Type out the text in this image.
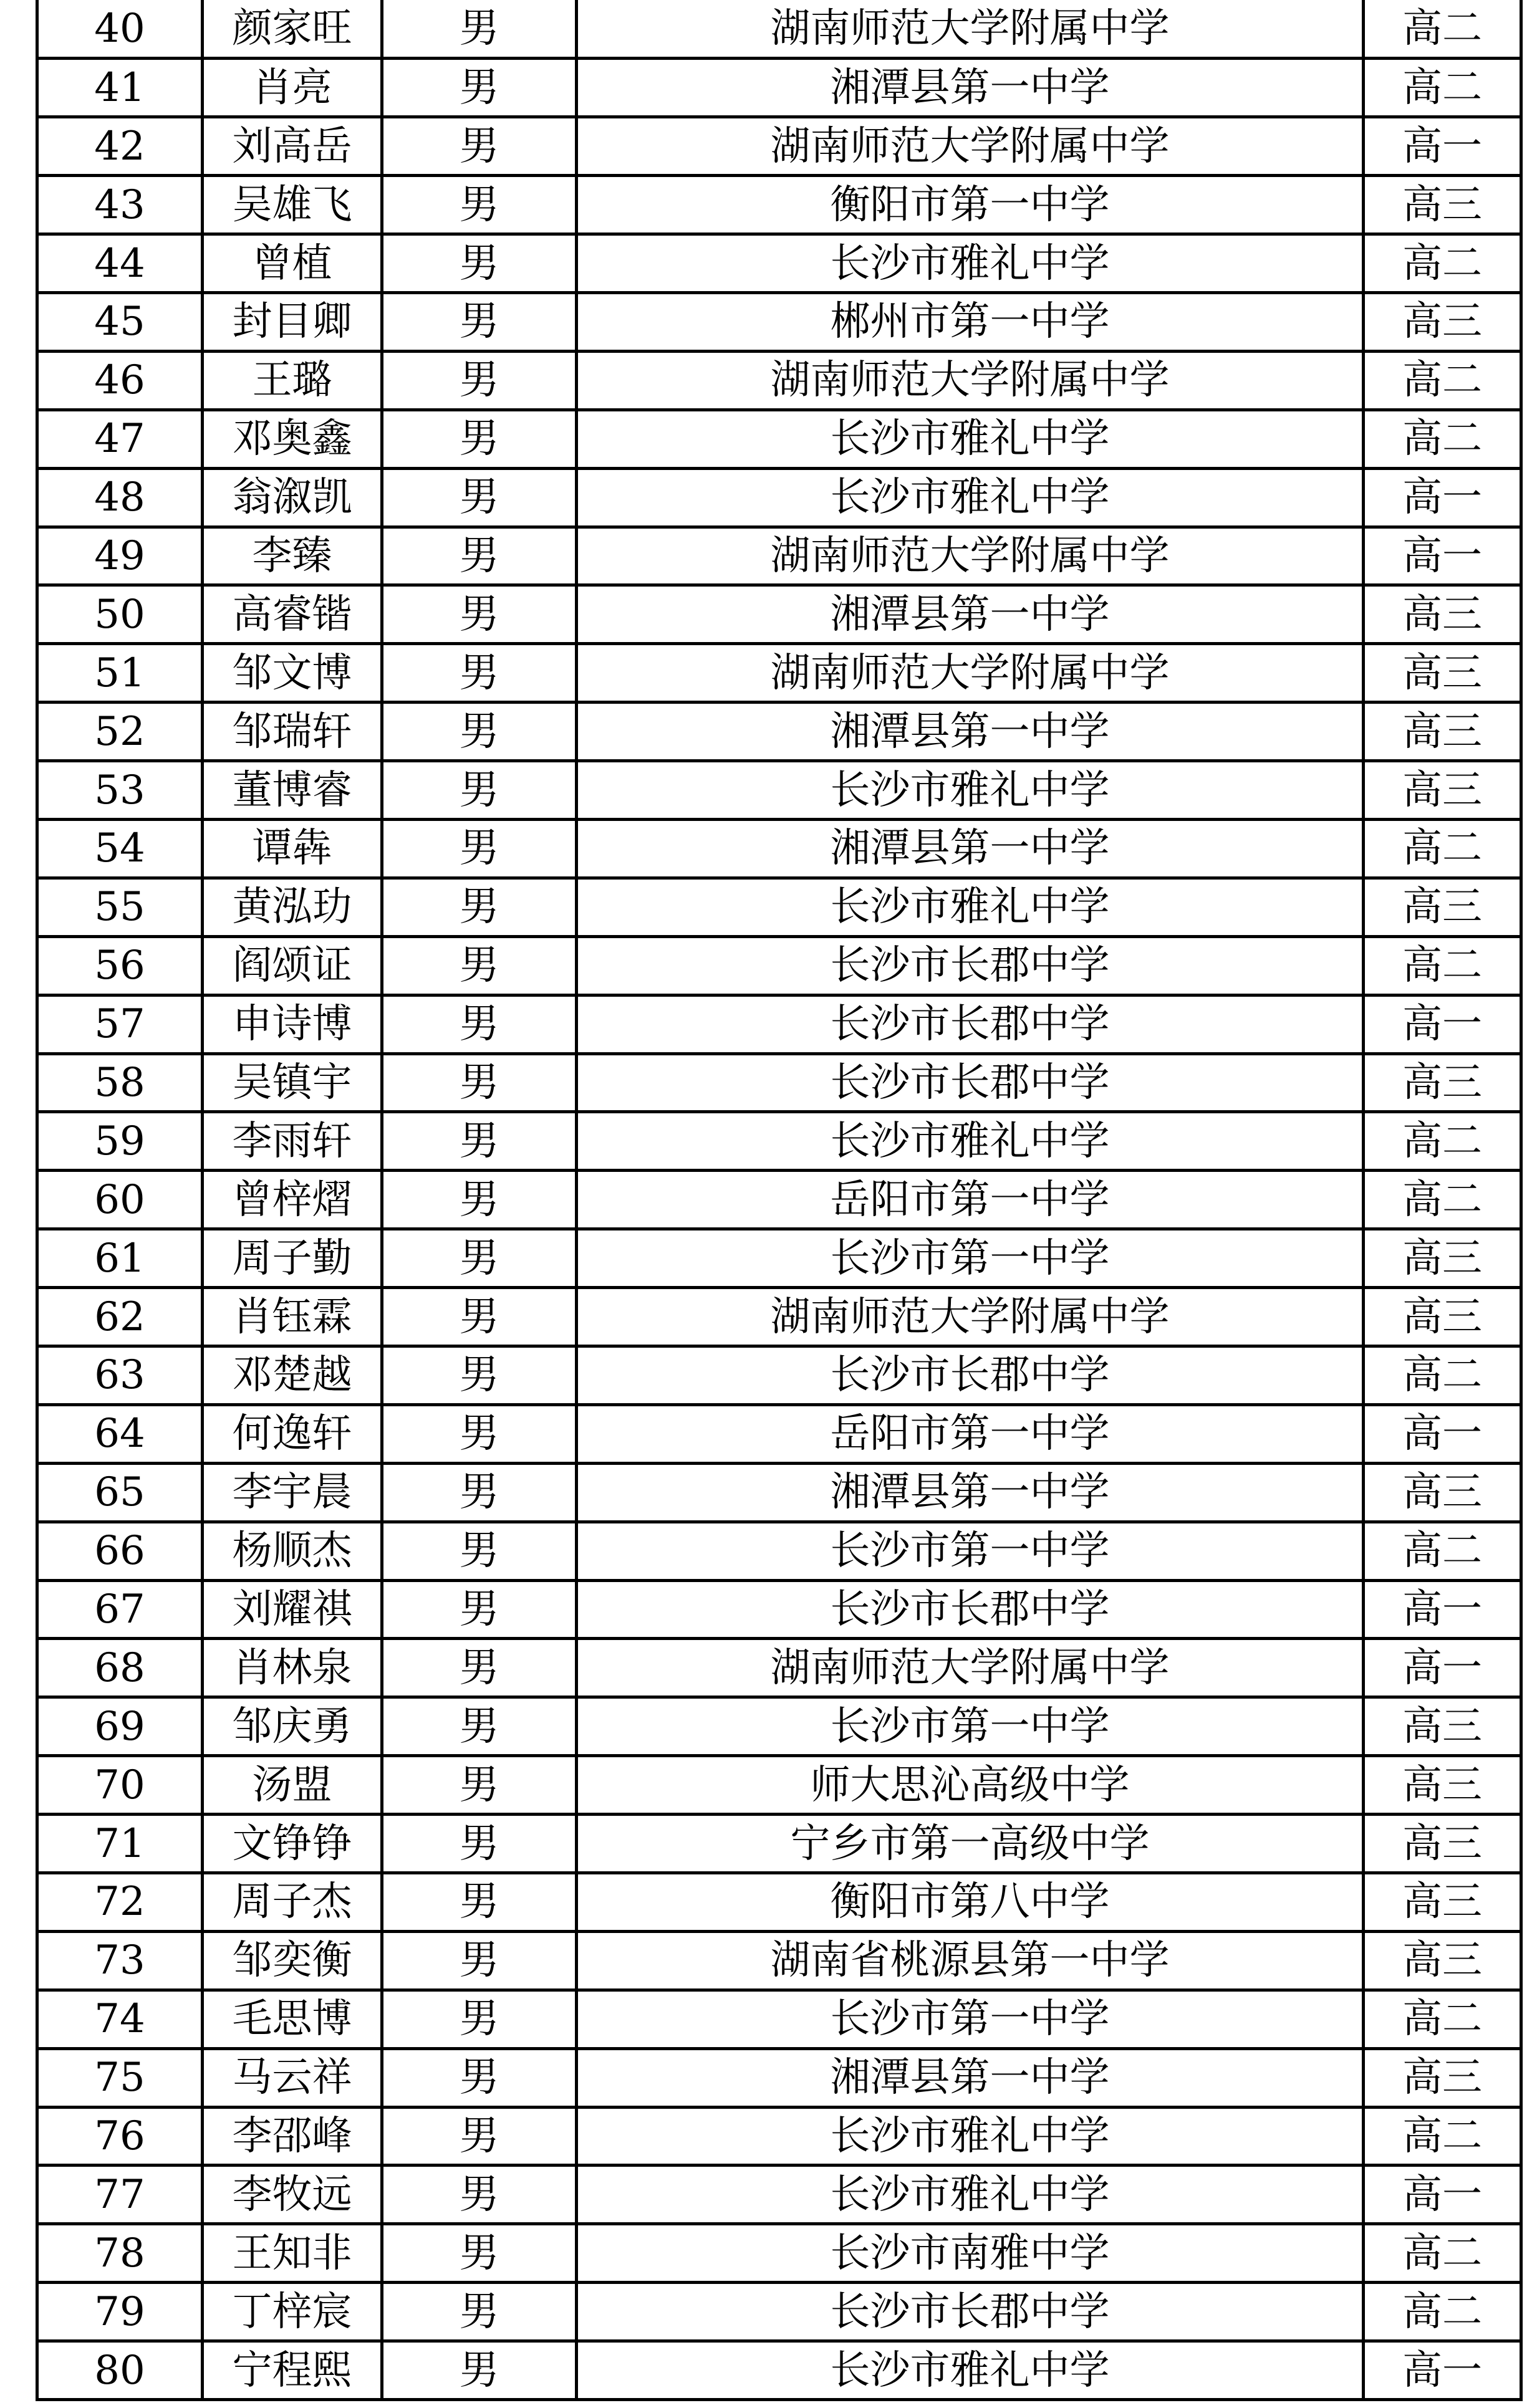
40	颜家旺	男	湖南师范大学附属中学	高二
41	肖亮	男	湘潭县第一中学	高二
42	刘高岳	男	湖南师范大学附属中学	高一
43	吴雄飞	男	衡阳市第一中学	高三
44	曾植	男	长沙市雅礼中学	高二
45	封目卿	男	郴州市第一中学	高三
46	王璐	男	湖南师范大学附属中学	高二
47	邓奥鑫	男	长沙市雅礼中学	高二
48	翁溆凯	男	长沙市雅礼中学	高一
49	李臻	男	湖南师范大学附属中学	高一
50	高睿锴	男	湘潭县第一中学	高三
51	邹文博	男	湖南师范大学附属中学	高三
52	邹瑞轩	男	湘潭县第一中学	高三
53	董博睿	男	长沙市雅礼中学	高三
54	谭犇	男	湘潭县第一中学	高二
55	黄泓玏	男	长沙市雅礼中学	高三
56	阎颂证	男	长沙市长郡中学	高二
57	申诗博	男	长沙市长郡中学	高一
58	吴镇宇	男	长沙市长郡中学	高三
59	李雨轩	男	长沙市雅礼中学	高二
60	曾梓熠	男	岳阳市第一中学	高二
61	周子勤	男	长沙市第一中学	高三
62	肖钰霖	男	湖南师范大学附属中学	高三
63	邓楚越	男	长沙市长郡中学	高二
64	何逸轩	男	岳阳市第一中学	高一
65	李宇晨	男	湘潭县第一中学	高三
66	杨顺杰	男	长沙市第一中学	高二
67	刘耀祺	男	长沙市长郡中学	高一
68	肖林泉	男	湖南师范大学附属中学	高一
69	邹庆勇	男	长沙市第一中学	高三
70	汤盟	男	师大思沁高级中学	高三
71	文铮铮	男	宁乡市第一高级中学	高三
72	周子杰	男	衡阳市第八中学	高三
73	邹奕衡	男	湖南省桃源县第一中学	高三
74	毛思博	男	长沙市第一中学	高二
75	马云祥	男	湘潭县第一中学	高三
76	李邵峰	男	长沙市雅礼中学	高二
77	李牧远	男	长沙市雅礼中学	高一
78	王知非	男	长沙市南雅中学	高二
79	丁梓宸	男	长沙市长郡中学	高二
80	宁程熙	男	长沙市雅礼中学	高一
